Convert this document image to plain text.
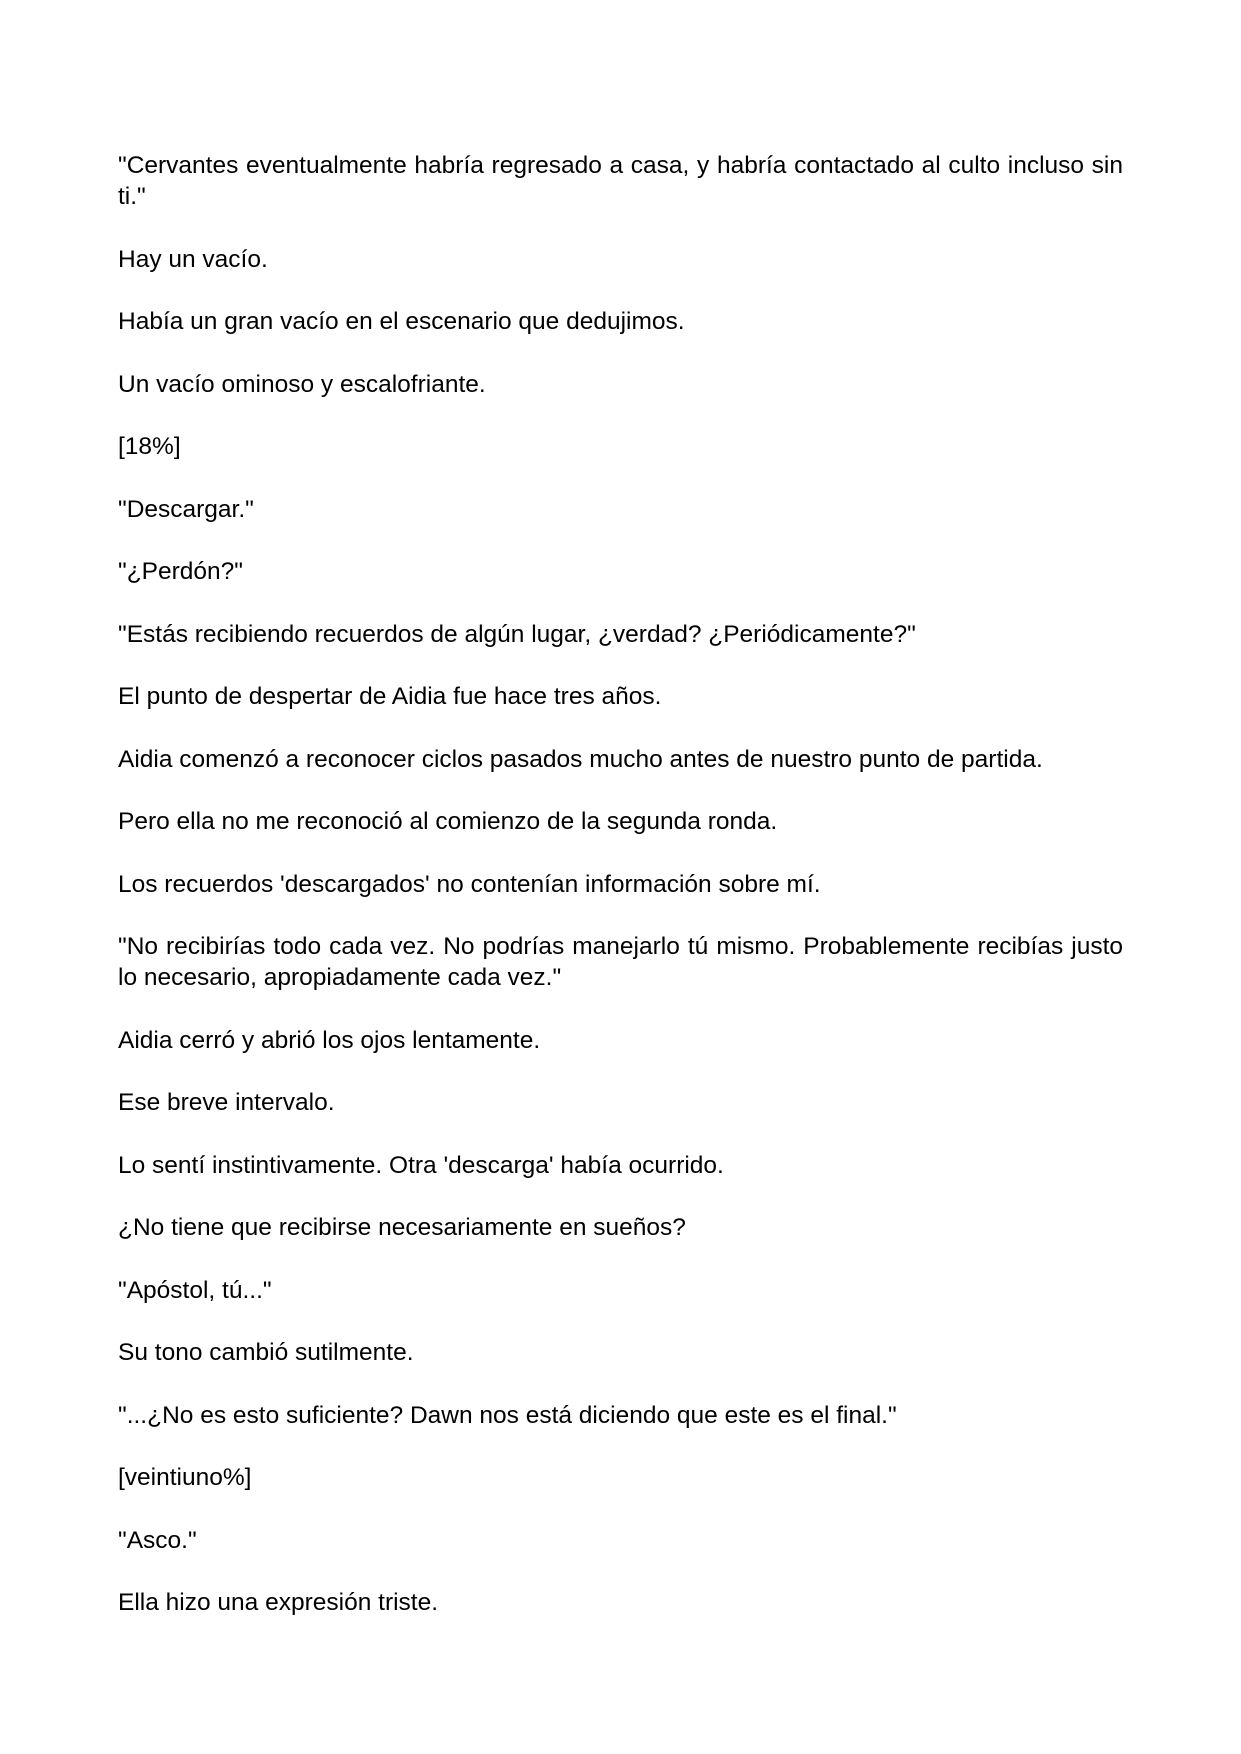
"Cervantes eventualmente habría regresado a casa, y habría contactado al culto incluso sin ti."

Hay un vacío.

Había un gran vacío en el escenario que dedujimos.

Un vacío ominoso y escalofriante.

[18%]

"Descargar."

"¿Perdón?"

"Estás recibiendo recuerdos de algún lugar, ¿verdad? ¿Periódicamente?"

El punto de despertar de Aidia fue hace tres años.

Aidia comenzó a reconocer ciclos pasados mucho antes de nuestro punto de partida.

Pero ella no me reconoció al comienzo de la segunda ronda.

Los recuerdos 'descargados' no contenían información sobre mí.

"No recibirías todo cada vez. No podrías manejarlo tú mismo. Probablemente recibías justo lo necesario, apropiadamente cada vez."

Aidia cerró y abrió los ojos lentamente.

Ese breve intervalo.

Lo sentí instintivamente. Otra 'descarga' había ocurrido.

¿No tiene que recibirse necesariamente en sueños?

"Apóstol, tú..."

Su tono cambió sutilmente.

"...¿No es esto suficiente? Dawn nos está diciendo que este es el final."

[veintiuno%]

"Asco."

Ella hizo una expresión triste.
